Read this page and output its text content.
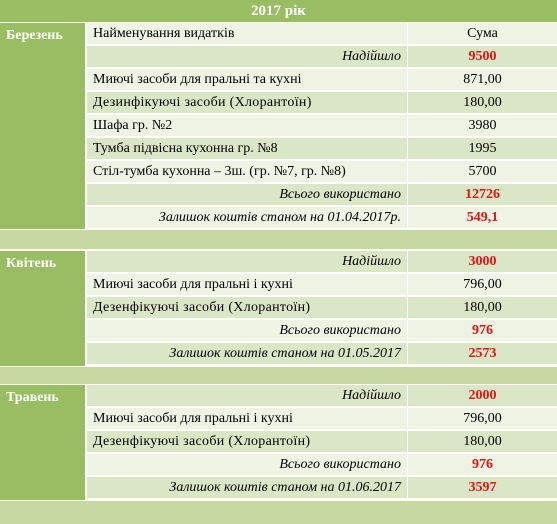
2017 рік
Березень	Найменування видатків	Сума
Надійшло	9500
Миючі засоби для пральні та кухні	871,00
Дезинфікуючі засоби (Хлорантоїн)	180,00
Шафа гр. №2	3980
Тумба підвісна кухонна гр. №8	1995
Стіл-тумба кухонна – 3ш. (гр. №7, гр. №8)	5700
Всього використано	12726
Залишок коштів станом на 01.04.2017р.	549,1
Квітень	Надійшло	3000
Миючі засоби для пральні і кухні	796,00
Дезенфікуючі засоби (Хлорантоїн)	180,00
Всього використано	976
Залишок коштів станом на 01.05.2017	2573
Травень	Надійшло	2000
Миючі засоби для пральні і кухні	796,00
Дезенфікуючі засоби (Хлорантоїн)	180,00
Всього використано	976
Залишок коштів станом на 01.06.2017	3597
